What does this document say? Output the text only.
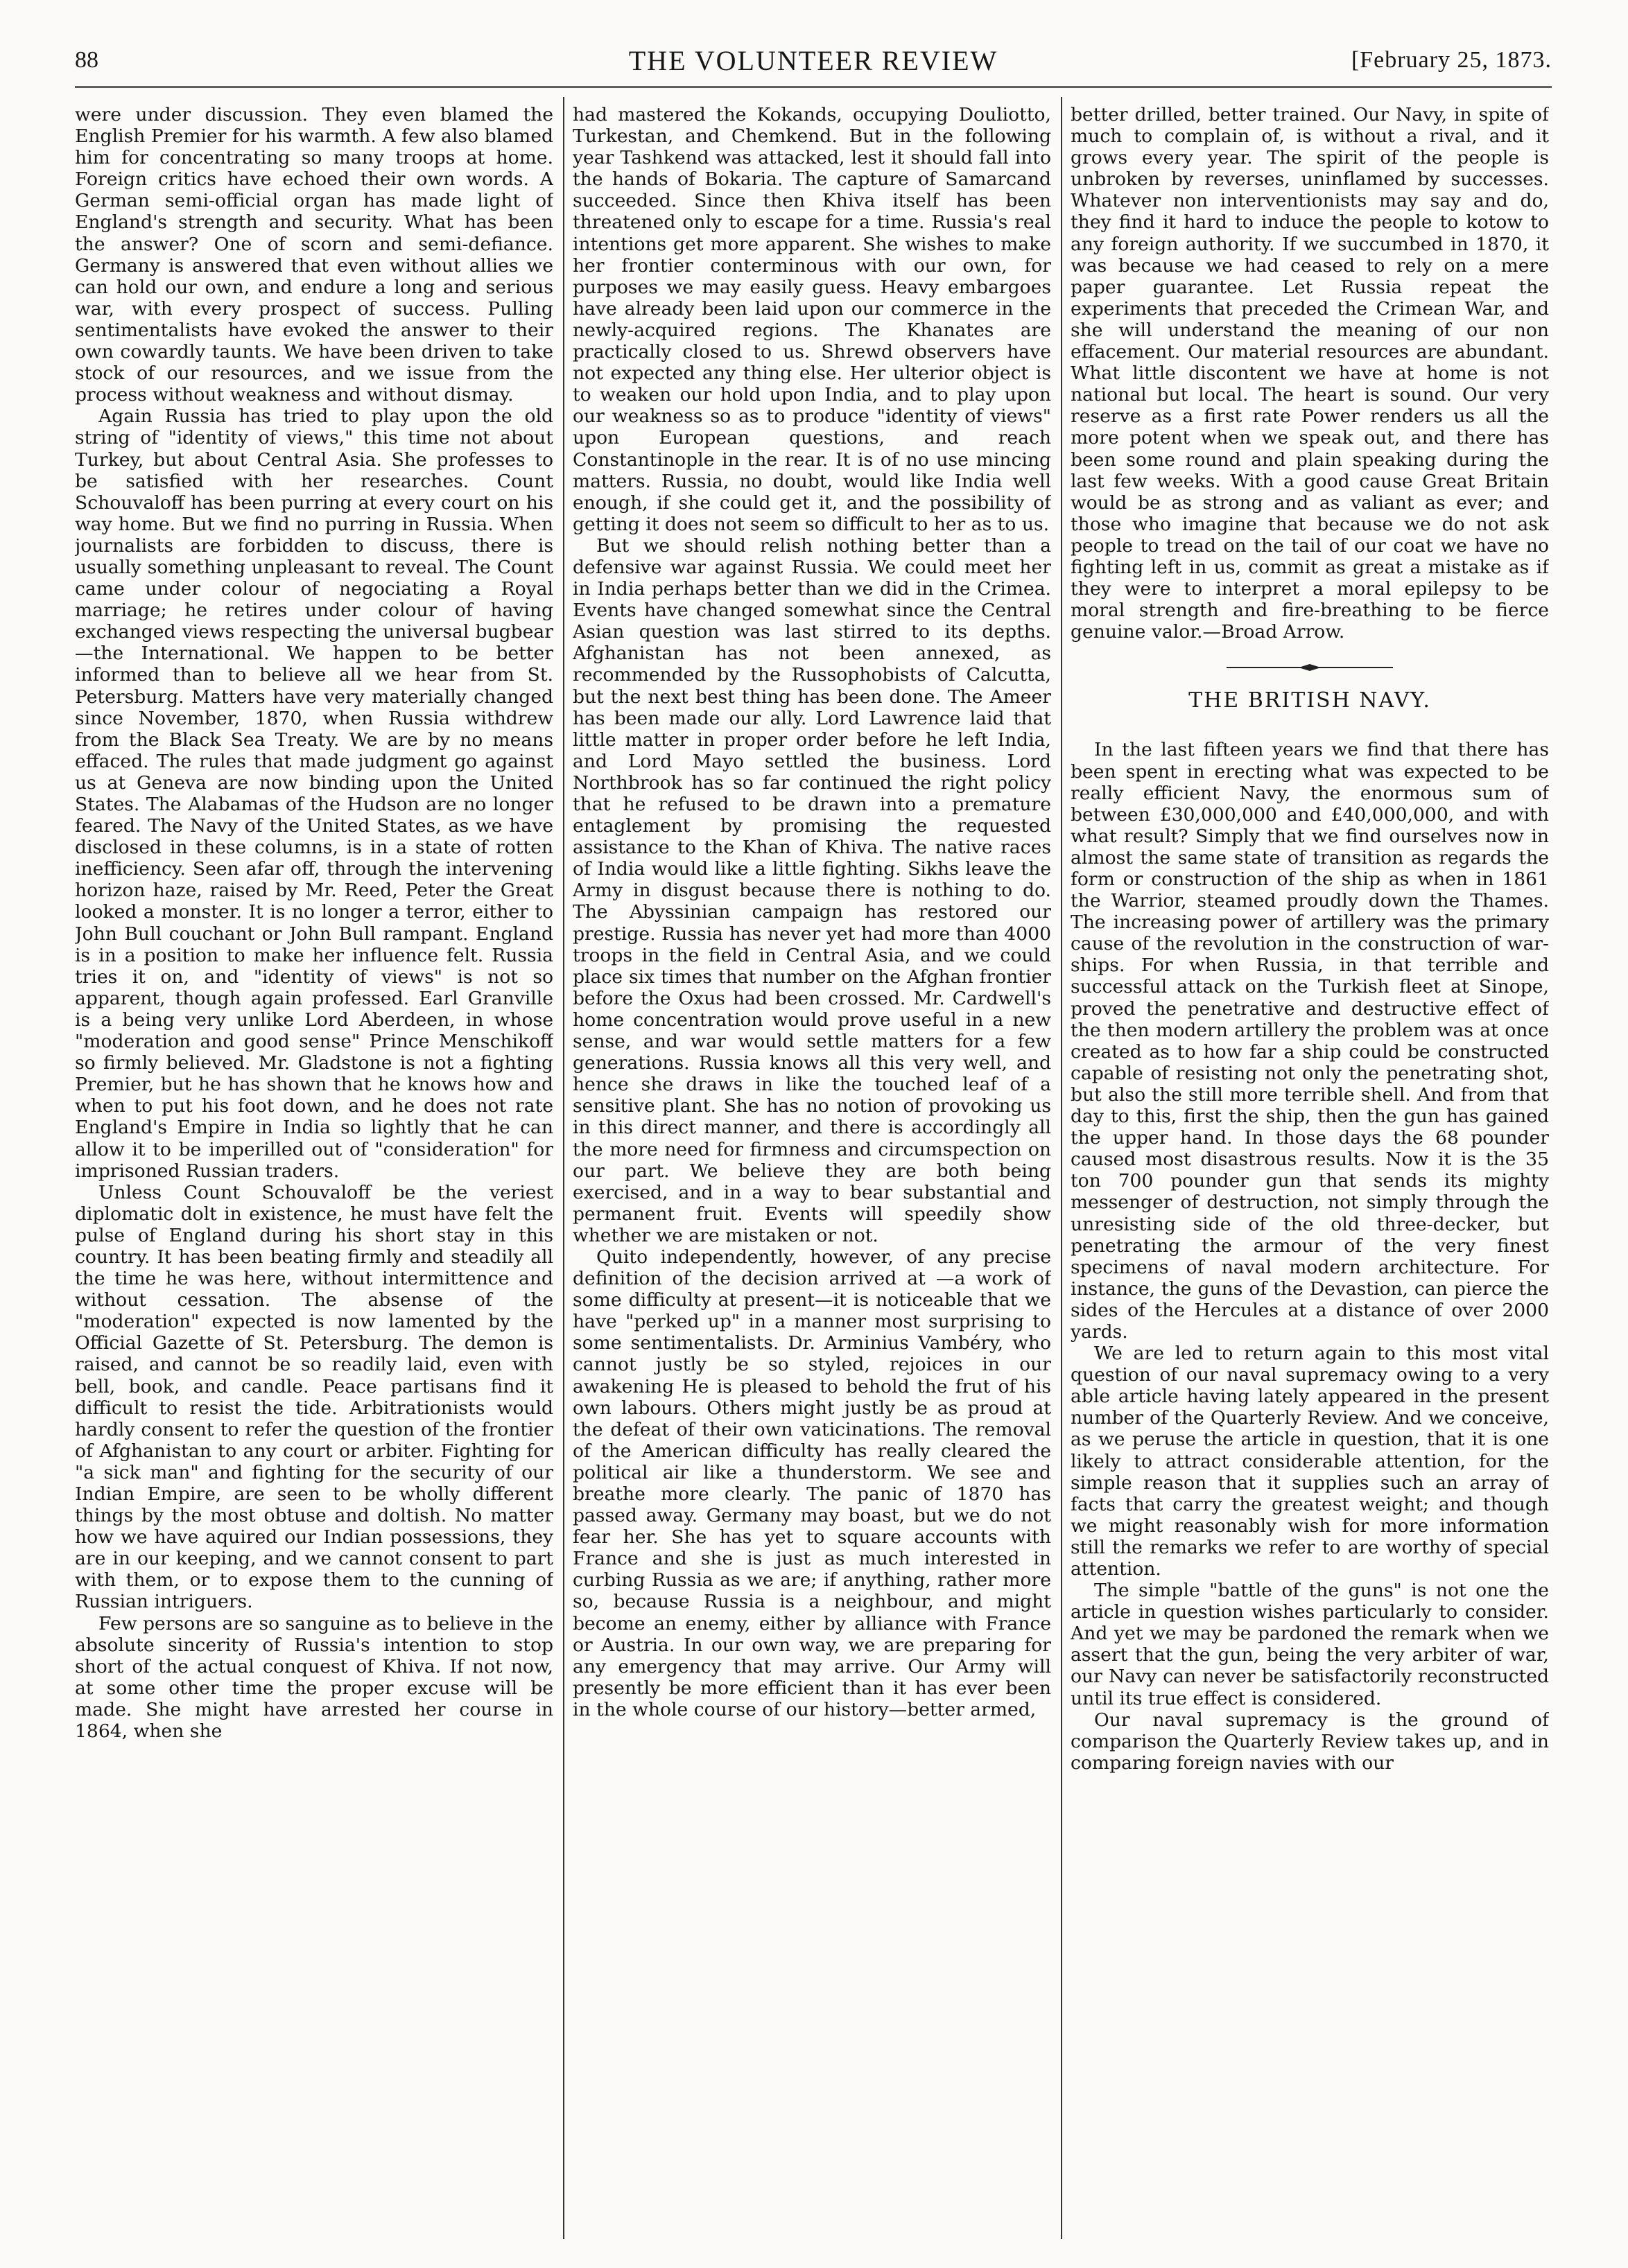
88	THE VOLUNTEER REVIEW	[February 25, 1873.

were under discussion. They even blamed the English Premier for his warmth. A few also blamed him for concentrating so many troops at home. Foreign critics have echoed their own words. A German semi-official organ has made light of England's strength and security. What has been the answer? One of scorn and semi-defiance. Germany is answered that even without allies we can hold our own, and endure a long and serious war, with every prospect of success. Pulling sentimentalists have evoked the answer to their own cowardly taunts. We have been driven to take stock of our resources, and we issue from the process without weakness and without dismay.

Again Russia has tried to play upon the old string of "identity of views," this time not about Turkey, but about Central Asia. She professes to be satisfied with her researches. Count Schouvaloff has been purring at every court on his way home. But we find no purring in Russia. When journalists are forbidden to discuss, there is usually something unpleasant to reveal. The Count came under colour of negociating a Royal marriage; he retires under colour of having exchanged views respecting the universal bugbear—the International. We happen to be better informed than to believe all we hear from St. Petersburg. Matters have very materially changed since November, 1870, when Russia withdrew from the Black Sea Treaty. We are by no means effaced. The rules that made judgment go against us at Geneva are now binding upon the United States. The Alabamas of the Hudson are no longer feared. The Navy of the United States, as we have disclosed in these columns, is in a state of rotten inefficiency. Seen afar off, through the intervening horizon haze, raised by Mr. Reed, Peter the Great looked a monster. It is no longer a terror, either to John Bull couchant or John Bull rampant. England is in a position to make her influence felt. Russia tries it on, and "identity of views" is not so apparent, though again professed. Earl Granville is a being very unlike Lord Aberdeen, in whose "moderation and good sense" Prince Menschikoff so firmly believed. Mr. Gladstone is not a fighting Premier, but he has shown that he knows how and when to put his foot down, and he does not rate England's Empire in India so lightly that he can allow it to be imperilled out of "consideration" for imprisoned Russian traders.

Unless Count Schouvaloff be the veriest diplomatic dolt in existence, he must have felt the pulse of England during his short stay in this country. It has been beating firmly and steadily all the time he was here, without intermittence and without cessation. The absense of the "moderation" expected is now lamented by the Official Gazette of St. Petersburg. The demon is raised, and cannot be so readily laid, even with bell, book, and candle. Peace partisans find it difficult to resist the tide. Arbitrationists would hardly consent to refer the question of the frontier of Afghanistan to any court or arbiter. Fighting for "a sick man" and fighting for the security of our Indian Empire, are seen to be wholly different things by the most obtuse and doltish. No matter how we have aquired our Indian possessions, they are in our keeping, and we cannot consent to part with them, or to expose them to the cunning of Russian intriguers.

Few persons are so sanguine as to believe in the absolute sincerity of Russia's intention to stop short of the actual conquest of Khiva. If not now, at some other time the proper excuse will be made. She might have arrested her course in 1864, when she

had mastered the Kokands, occupying Douliotto, Turkestan, and Chemkend. But in the following year Tashkend was attacked, lest it should fall into the hands of Bokaria. The capture of Samarcand succeeded. Since then Khiva itself has been threatened only to escape for a time. Russia's real intentions get more apparent. She wishes to make her frontier conterminous with our own, for purposes we may easily guess. Heavy embargoes have already been laid upon our commerce in the newly-acquired regions. The Khanates are practically closed to us. Shrewd observers have not expected any thing else. Her ulterior object is to weaken our hold upon India, and to play upon our weakness so as to produce "identity of views" upon European questions, and reach Constantinople in the rear. It is of no use mincing matters. Russia, no doubt, would like India well enough, if she could get it, and the possibility of getting it does not seem so difficult to her as to us.

But we should relish nothing better than a defensive war against Russia. We could meet her in India perhaps better than we did in the Crimea. Events have changed somewhat since the Central Asian question was last stirred to its depths. Afghanistan has not been annexed, as recommended by the Russophobists of Calcutta, but the next best thing has been done. The Ameer has been made our ally. Lord Lawrence laid that little matter in proper order before he left India, and Lord Mayo settled the business. Lord Northbrook has so far continued the right policy that he refused to be drawn into a premature entaglement by promising the requested assistance to the Khan of Khiva. The native races of India would like a little fighting. Sikhs leave the Army in disgust because there is nothing to do. The Abyssinian campaign has restored our prestige. Russia has never yet had more than 4000 troops in the field in Central Asia, and we could place six times that number on the Afghan frontier before the Oxus had been crossed. Mr. Cardwell's home concentration would prove useful in a new sense, and war would settle matters for a few generations. Russia knows all this very well, and hence she draws in like the touched leaf of a sensitive plant. She has no notion of provoking us in this direct manner, and there is accordingly all the more need for firmness and circumspection on our part. We believe they are both being exercised, and in a way to bear substantial and permanent fruit. Events will speedily show whether we are mistaken or not.

Quito independently, however, of any precise definition of the decision arrived at —a work of some difficulty at present—it is noticeable that we have "perked up" in a manner most surprising to some sentimentalists. Dr. Arminius Vambéry, who cannot justly be so styled, rejoices in our awakening He is pleased to behold the frut of his own labours. Others might justly be as proud at the defeat of their own vaticinations. The removal of the American difficulty has really cleared the political air like a thunderstorm. We see and breathe more clearly. The panic of 1870 has passed away. Germany may boast, but we do not fear her. She has yet to square accounts with France and she is just as much interested in curbing Russia as we are; if anything, rather more so, because Russia is a neighbour, and might become an enemy, either by alliance with France or Austria. In our own way, we are preparing for any emergency that may arrive. Our Army will presently be more efficient than it has ever been in the whole course of our history—better armed,

better drilled, better trained. Our Navy, in spite of much to complain of, is without a rival, and it grows every year. The spirit of the people is unbroken by reverses, uninflamed by successes. Whatever non interventionists may say and do, they find it hard to induce the people to kotow to any foreign authority. If we succumbed in 1870, it was because we had ceased to rely on a mere paper guarantee. Let Russia repeat the experiments that preceded the Crimean War, and she will understand the meaning of our non effacement. Our material resources are abundant. What little discontent we have at home is not national but local. The heart is sound. Our very reserve as a first rate Power renders us all the more potent when we speak out, and there has been some round and plain speaking during the last few weeks. With a good cause Great Britain would be as strong and as valiant as ever; and those who imagine that because we do not ask people to tread on the tail of our coat we have no fighting left in us, commit as great a mistake as if they were to interpret a moral epilepsy to be moral strength and fire-breathing to be fierce genuine valor.—Broad Arrow.

THE BRITISH NAVY.

In the last fifteen years we find that there has been spent in erecting what was expected to be really efficient Navy, the enormous sum of between £30,000,000 and £40,000,000, and with what result? Simply that we find ourselves now in almost the same state of transition as regards the form or construction of the ship as when in 1861 the Warrior, steamed proudly down the Thames. The increasing power of artillery was the primary cause of the revolution in the construction of war-ships. For when Russia, in that terrible and successful attack on the Turkish fleet at Sinope, proved the penetrative and destructive effect of the then modern artillery the problem was at once created as to how far a ship could be constructed capable of resisting not only the penetrating shot, but also the still more terrible shell. And from that day to this, first the ship, then the gun has gained the upper hand. In those days the 68 pounder caused most disastrous results. Now it is the 35 ton 700 pounder gun that sends its mighty messenger of destruction, not simply through the unresisting side of the old three-decker, but penetrating the armour of the very finest specimens of naval modern architecture. For instance, the guns of the Devastion, can pierce the sides of the Hercules at a distance of over 2000 yards.

We are led to return again to this most vital question of our naval supremacy owing to a very able article having lately appeared in the present number of the Quarterly Review. And we conceive, as we peruse the article in question, that it is one likely to attract considerable attention, for the simple reason that it supplies such an array of facts that carry the greatest weight; and though we might reasonably wish for more information still the remarks we refer to are worthy of special attention.

The simple "battle of the guns" is not one the article in question wishes particularly to consider. And yet we may be pardoned the remark when we assert that the gun, being the very arbiter of war, our Navy can never be satisfactorily reconstructed until its true effect is considered.

Our naval supremacy is the ground of comparison the Quarterly Review takes up, and in comparing foreign navies with our
